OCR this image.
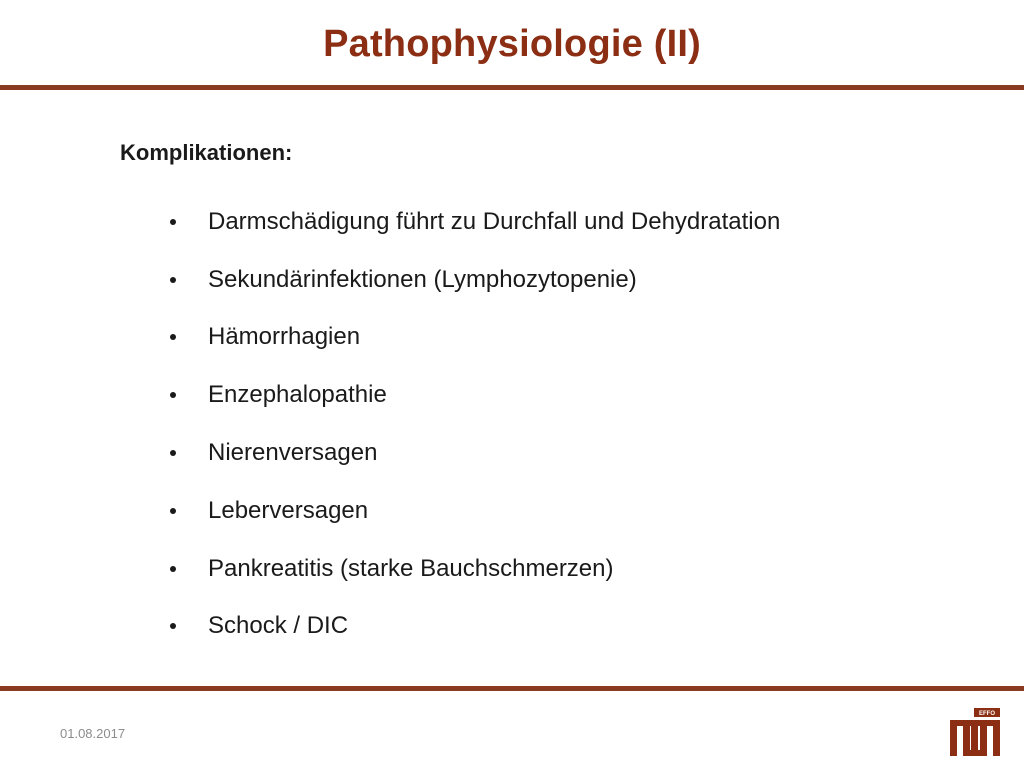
Pathophysiologie (II)
Komplikationen:
Darmschädigung führt zu Durchfall und Dehydratation
Sekundärinfektionen (Lymphozytopenie)
Hämorrhagien
Enzephalopathie
Nierenversagen
Leberversagen
Pankreatitis (starke Bauchschmerzen)
Schock / DIC
01.08.2017
EFFO
